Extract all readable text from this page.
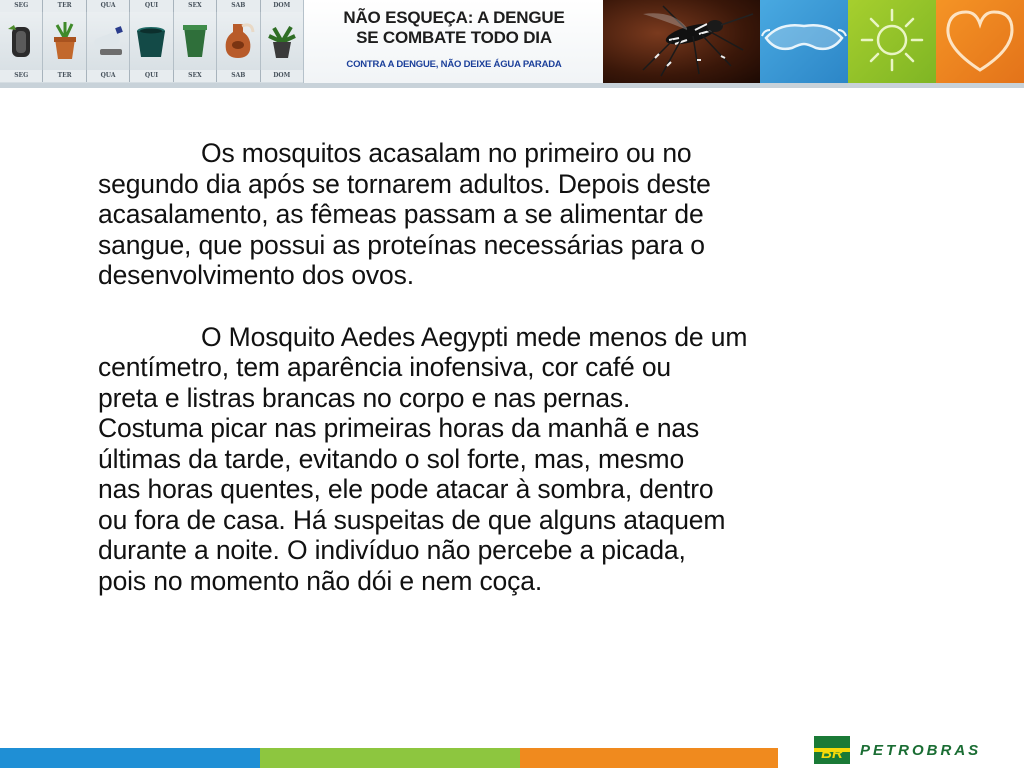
SEG	TER	QUA	QUI	SEX	SAB	DOM
SEG	TER	QUA	QUI	SEX	SAB	DOM
NÃO ESQUEÇA: A DENGUE
SE COMBATE TODO DIA
CONTRA A DENGUE, NÃO DEIXE ÁGUA PARADA

Os mosquitos acasalam no primeiro ou no
segundo dia após se tornarem adultos. Depois deste
acasalamento, as fêmeas passam a se alimentar de
sangue, que possui as proteínas necessárias para o
desenvolvimento dos ovos.

O Mosquito Aedes Aegypti mede menos de um
centímetro, tem aparência inofensiva, cor café ou
preta e listras brancas no corpo e nas pernas.
Costuma picar nas primeiras horas da manhã e nas
últimas da tarde, evitando o sol forte, mas, mesmo
nas horas quentes, ele pode atacar à sombra, dentro
ou fora de casa. Há suspeitas de que alguns ataquem
durante a noite. O indivíduo não percebe a picada,
pois no momento não dói e nem coça.

BR PETROBRAS
